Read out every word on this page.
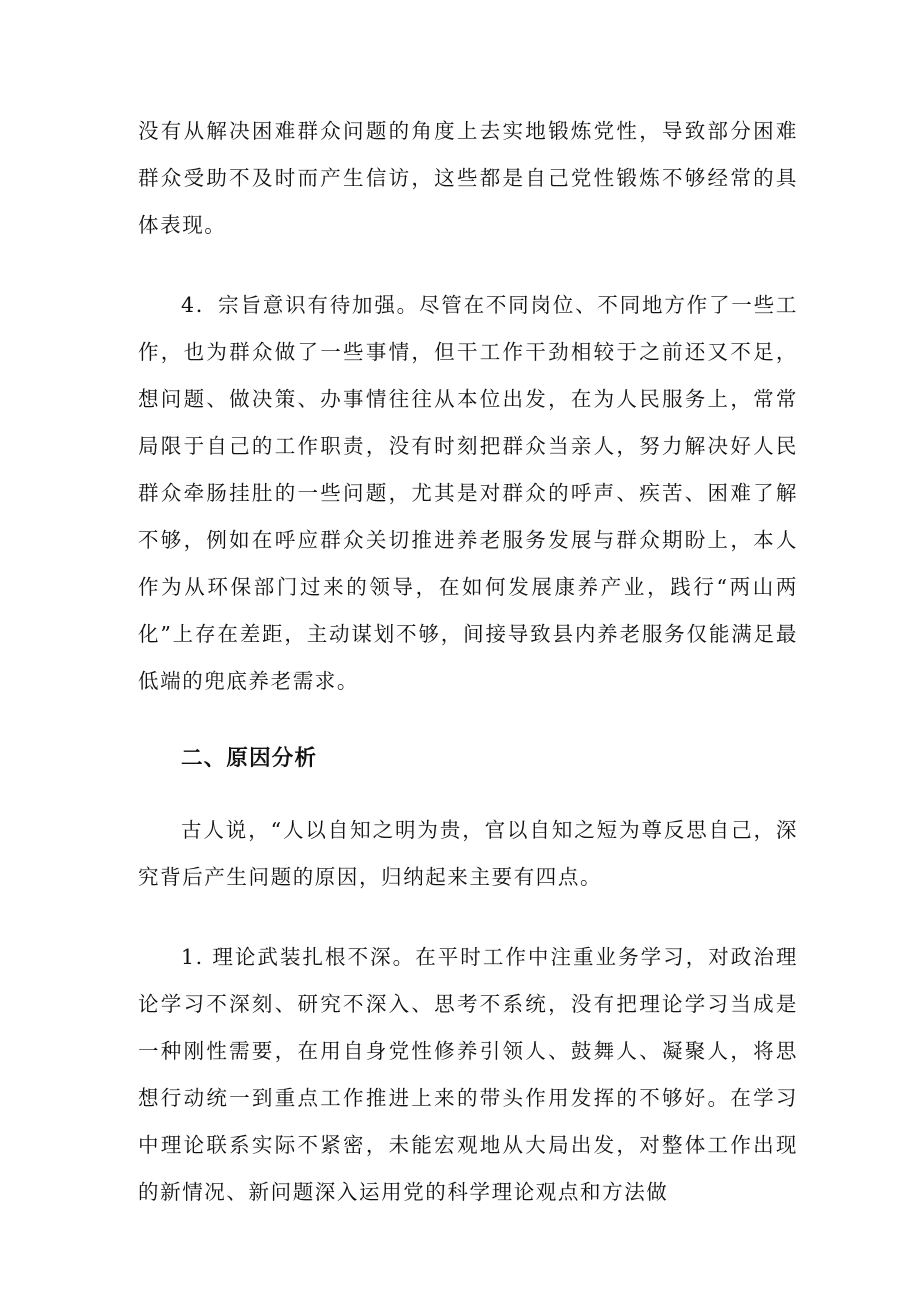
没有从解决困难群众问题的角度上去实地锻炼党性，导致部分困难群众受助不及时而产生信访，这些都是自己党性锻炼不够经常的具体表现。

4．宗旨意识有待加强。尽管在不同岗位、不同地方作了一些工作，也为群众做了一些事情，但干工作干劲相较于之前还又不足，想问题、做决策、办事情往往从本位出发，在为人民服务上，常常局限于自己的工作职责，没有时刻把群众当亲人，努力解决好人民群众牵肠挂肚的一些问题，尤其是对群众的呼声、疾苦、困难了解不够，例如在呼应群众关切推进养老服务发展与群众期盼上，本人作为从环保部门过来的领导，在如何发展康养产业，践行“两山两化”上存在差距，主动谋划不够，间接导致县内养老服务仅能满足最低端的兜底养老需求。

二、原因分析

古人说，“人以自知之明为贵，官以自知之短为尊反思自己，深究背后产生问题的原因，归纳起来主要有四点。

1. 理论武装扎根不深。在平时工作中注重业务学习，对政治理论学习不深刻、研究不深入、思考不系统，没有把理论学习当成是一种刚性需要，在用自身党性修养引领人、鼓舞人、凝聚人，将思想行动统一到重点工作推进上来的带头作用发挥的不够好。在学习中理论联系实际不紧密，未能宏观地从大局出发，对整体工作出现的新情况、新问题深入运用党的科学理论观点和方法做
